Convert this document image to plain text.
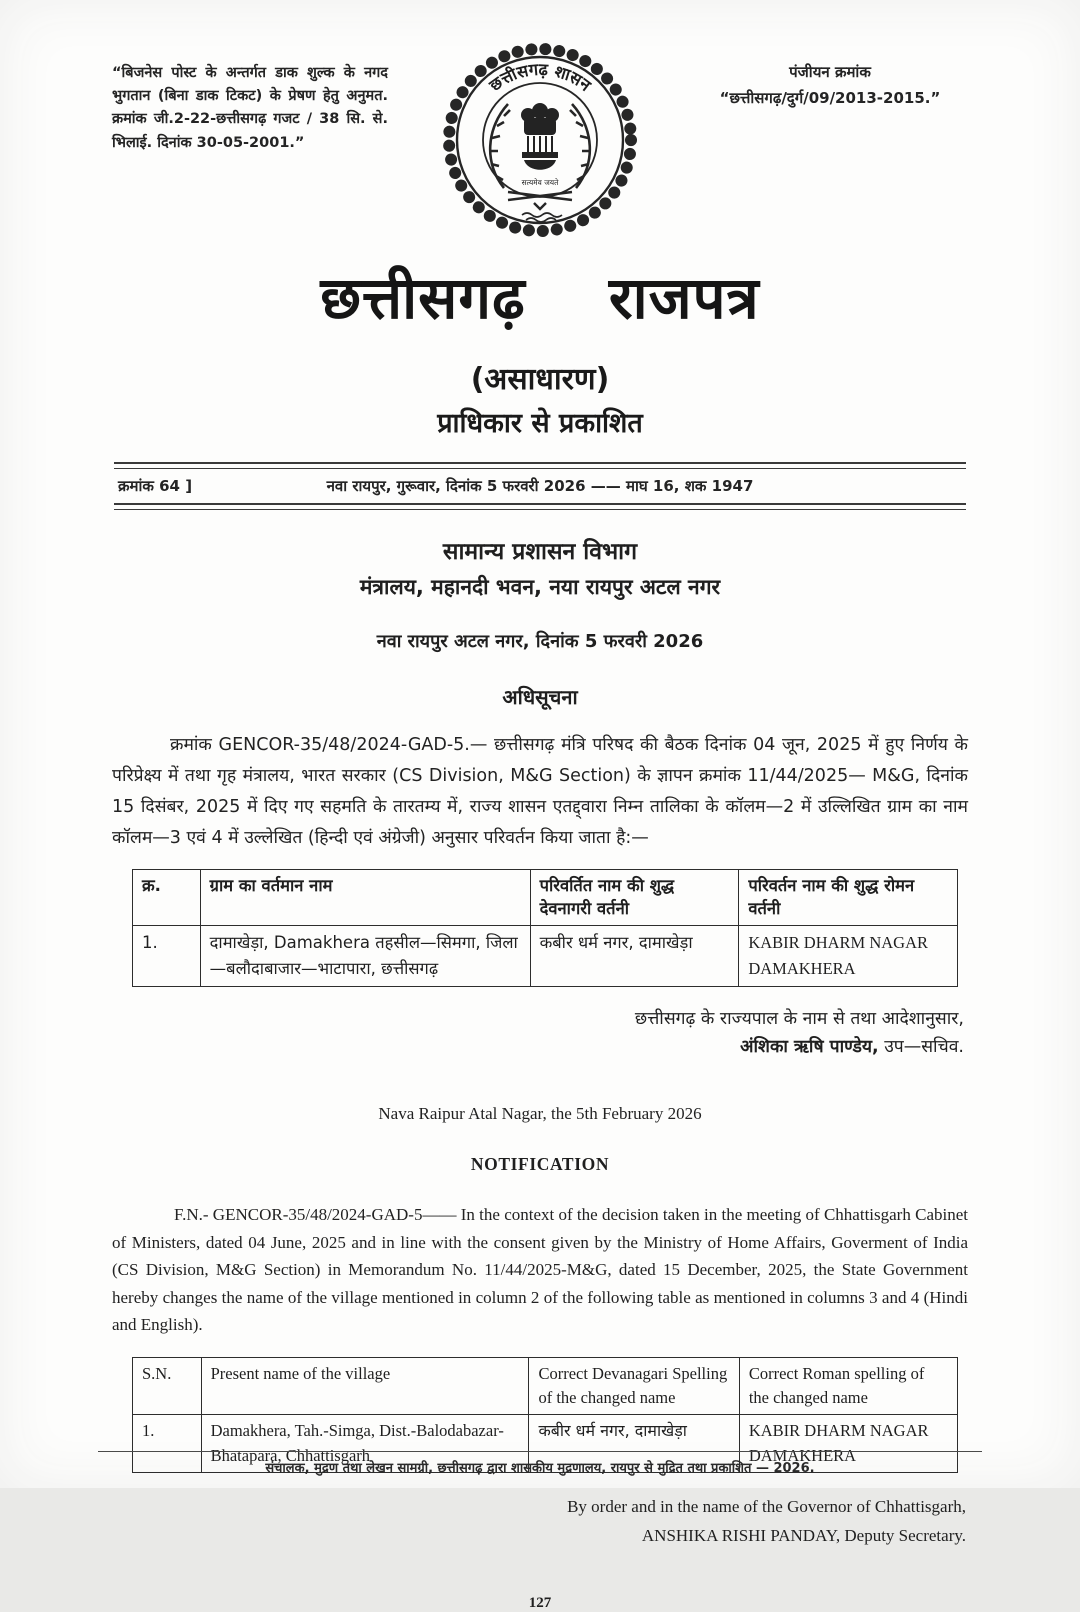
“बिजनेस पोस्ट के अन्तर्गत डाक शुल्क के नगद भुगतान (बिना डाक टिकट) के प्रेषण हेतु अनुमत. क्रमांक जी.2-22-छत्तीसगढ़ गजट / 38 सि. से. भिलाई. दिनांक 30-05-2001.”
छत्तीसगढ़ शासन
सत्यमेव जयते
पंजीयन क्रमांक
“छत्तीसगढ़/दुर्ग/09/2013-2015.”
छत्तीसगढ़ राजपत्र
(असाधारण)
प्राधिकार से प्रकाशित
क्रमांक 64 ]	नवा रायपुर, गुरूवार, दिनांक 5 फरवरी 2026 —— माघ 16, शक 1947
सामान्य प्रशासन विभाग
मंत्रालय, महानदी भवन, नया रायपुर अटल नगर
नवा रायपुर अटल नगर, दिनांक 5 फरवरी 2026
अधिसूचना
क्रमांक GENCOR-35/48/2024-GAD-5.— छत्तीसगढ़ मंत्रि परिषद की बैठक दिनांक 04 जून, 2025 में हुए निर्णय के परिप्रेक्ष्य में तथा गृह मंत्रालय, भारत सरकार (CS Division, M&G Section) के ज्ञापन क्रमांक 11/44/2025— M&G, दिनांक 15 दिसंबर, 2025 में दिए गए सहमति के तारतम्य में, राज्य शासन एतद्द्वारा निम्न तालिका के कॉलम—2 में उल्लिखित ग्राम का नाम कॉलम—3 एवं 4 में उल्लेखित (हिन्दी एवं अंग्रेजी) अनुसार परिवर्तन किया जाता है:—
क्र.	ग्राम का वर्तमान नाम	परिवर्तित नाम की शुद्ध देवनागरी वर्तनी	परिवर्तन नाम की शुद्ध रोमन वर्तनी
1.	दामाखेड़ा, Damakhera तहसील—सिमगा, जिला—बलौदाबाजार—भाटापारा, छत्तीसगढ़	कबीर धर्म नगर, दामाखेड़ा	KABIR DHARM NAGAR DAMAKHERA
छत्तीसगढ़ के राज्यपाल के नाम से तथा आदेशानुसार,
अंशिका ऋषि पाण्डेय, उप—सचिव.
Nava Raipur Atal Nagar, the 5th February 2026
NOTIFICATION
F.N.- GENCOR-35/48/2024-GAD-5—— In the context of the decision taken in the meeting of Chhattisgarh Cabinet of Ministers, dated 04 June, 2025 and in line with the consent given by the Ministry of Home Affairs, Goverment of India (CS Division, M&G Section) in Memorandum No. 11/44/2025-M&G, dated 15 December, 2025, the State Government hereby changes the name of the village mentioned in column 2 of the following table as mentioned in columns 3 and 4 (Hindi and English).
S.N.	Present name of the village	Correct Devanagari Spelling of the changed name	Correct Roman spelling of the changed name
1.	Damakhera, Tah.-Simga, Dist.-Balodabazar-Bhatapara, Chhattisgarh	कबीर धर्म नगर, दामाखेड़ा	KABIR DHARM NAGAR DAMAKHERA
By order and in the name of the Governor of Chhattisgarh,
ANSHIKA RISHI PANDAY, Deputy Secretary.
127
संचालक, मुद्रण तथा लेखन सामग्री, छत्तीसगढ़ द्वारा शासकीय मुद्रणालय, रायपुर से मुद्रित तथा प्रकाशित — 2026.
